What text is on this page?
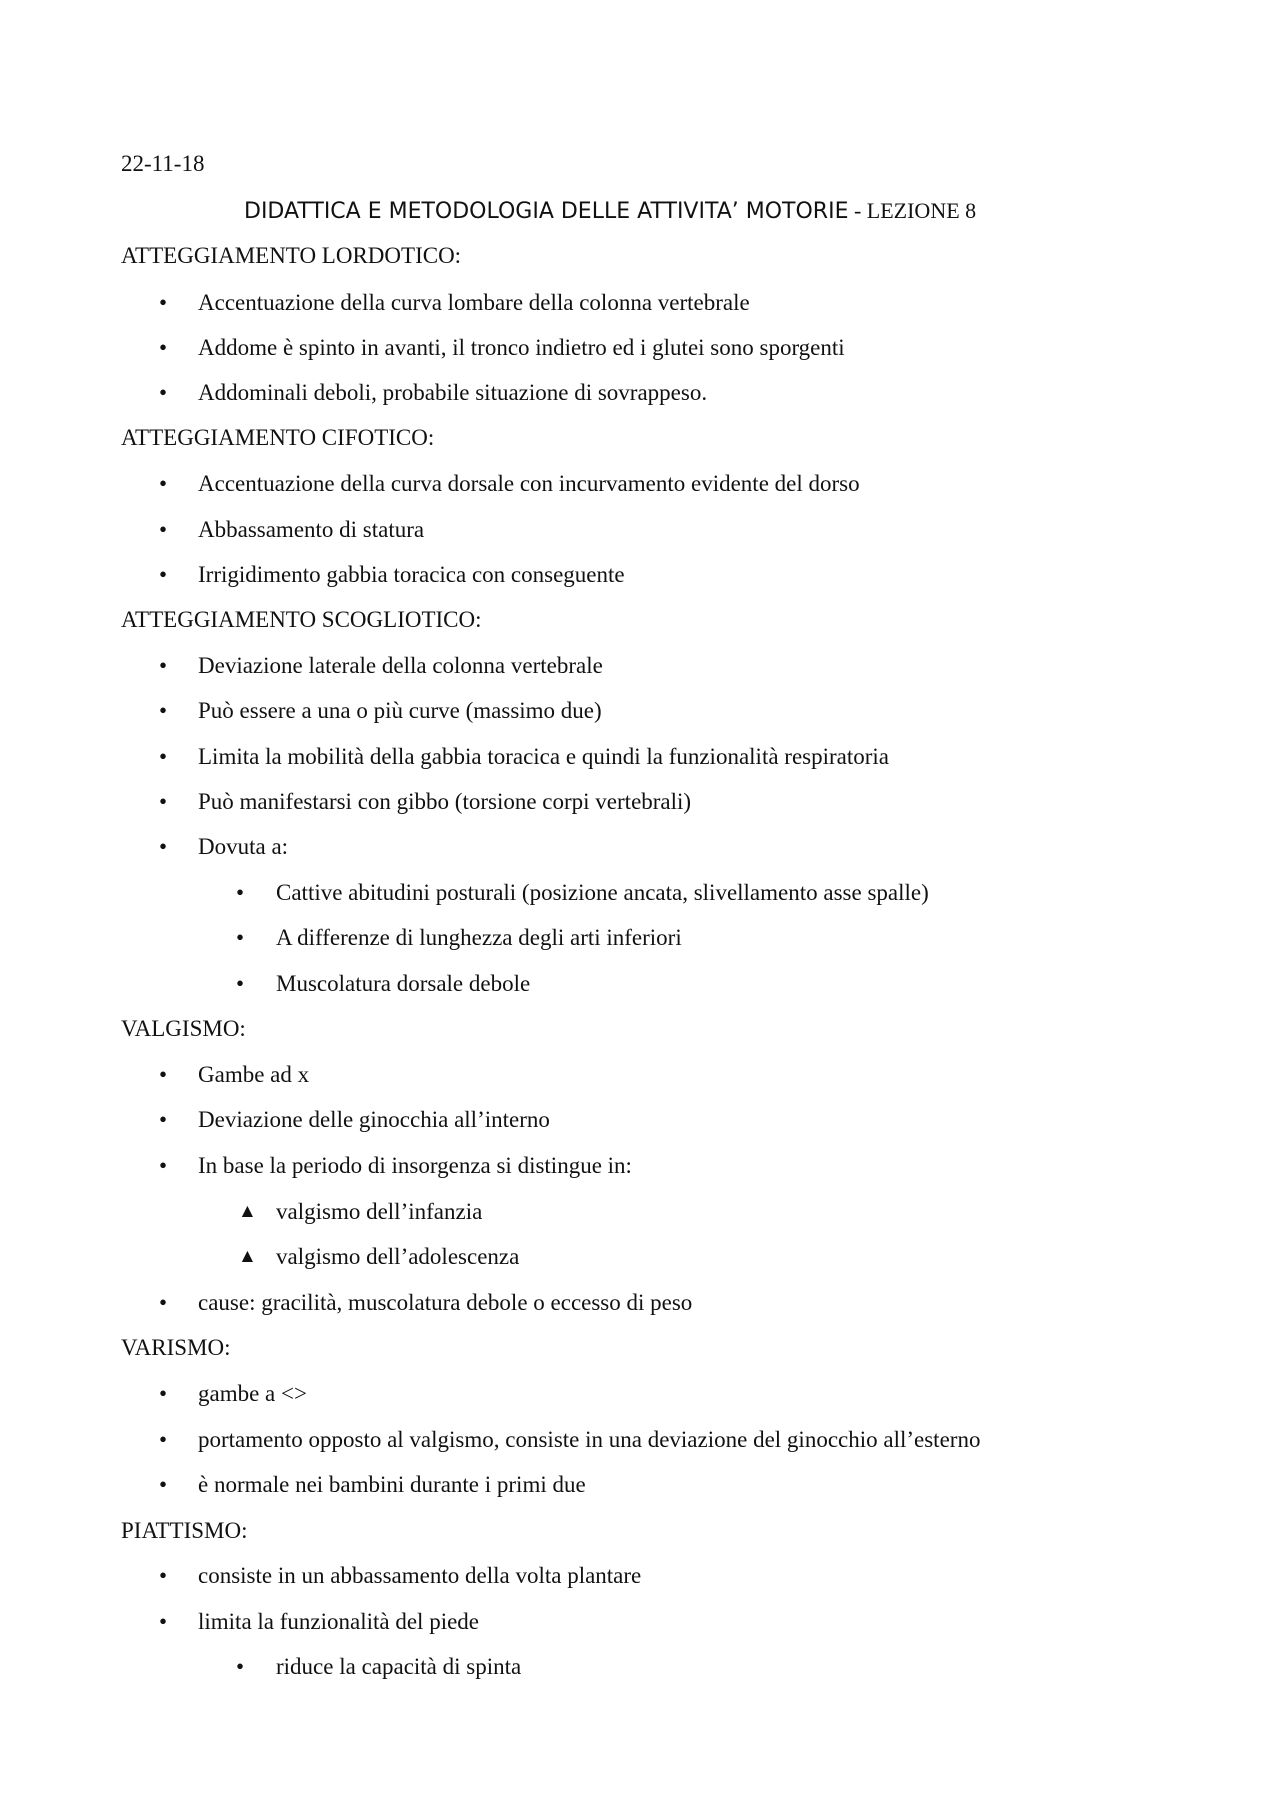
22-11-18
DIDATTICA E METODOLOGIA DELLE ATTIVITA’ MOTORIE - LEZIONE 8
ATTEGGIAMENTO LORDOTICO:
• Accentuazione della curva lombare della colonna vertebrale
• Addome è spinto in avanti, il tronco indietro ed i glutei sono sporgenti
• Addominali deboli, probabile situazione di sovrappeso.
ATTEGGIAMENTO CIFOTICO:
• Accentuazione della curva dorsale con incurvamento evidente del dorso
• Abbassamento di statura
• Irrigidimento gabbia toracica con conseguente
ATTEGGIAMENTO SCOGLIOTICO:
• Deviazione laterale della colonna vertebrale
• Può essere a una o più curve (massimo due)
• Limita la mobilità della gabbia toracica e quindi la funzionalità respiratoria
• Può manifestarsi con gibbo (torsione corpi vertebrali)
• Dovuta a:
• Cattive abitudini posturali (posizione ancata, slivellamento asse spalle)
• A differenze di lunghezza degli arti inferiori
• Muscolatura dorsale debole
VALGISMO:
• Gambe ad x
• Deviazione delle ginocchia all’interno
• In base la periodo di insorgenza si distingue in:
▲ valgismo dell’infanzia
▲ valgismo dell’adolescenza
• cause: gracilità, muscolatura debole o eccesso di peso
VARISMO:
• gambe a <>
• portamento opposto al valgismo, consiste in una deviazione del ginocchio all’esterno
• è normale nei bambini durante i primi due
PIATTISMO:
• consiste in un abbassamento della volta plantare
• limita la funzionalità del piede
• riduce la capacità di spinta
